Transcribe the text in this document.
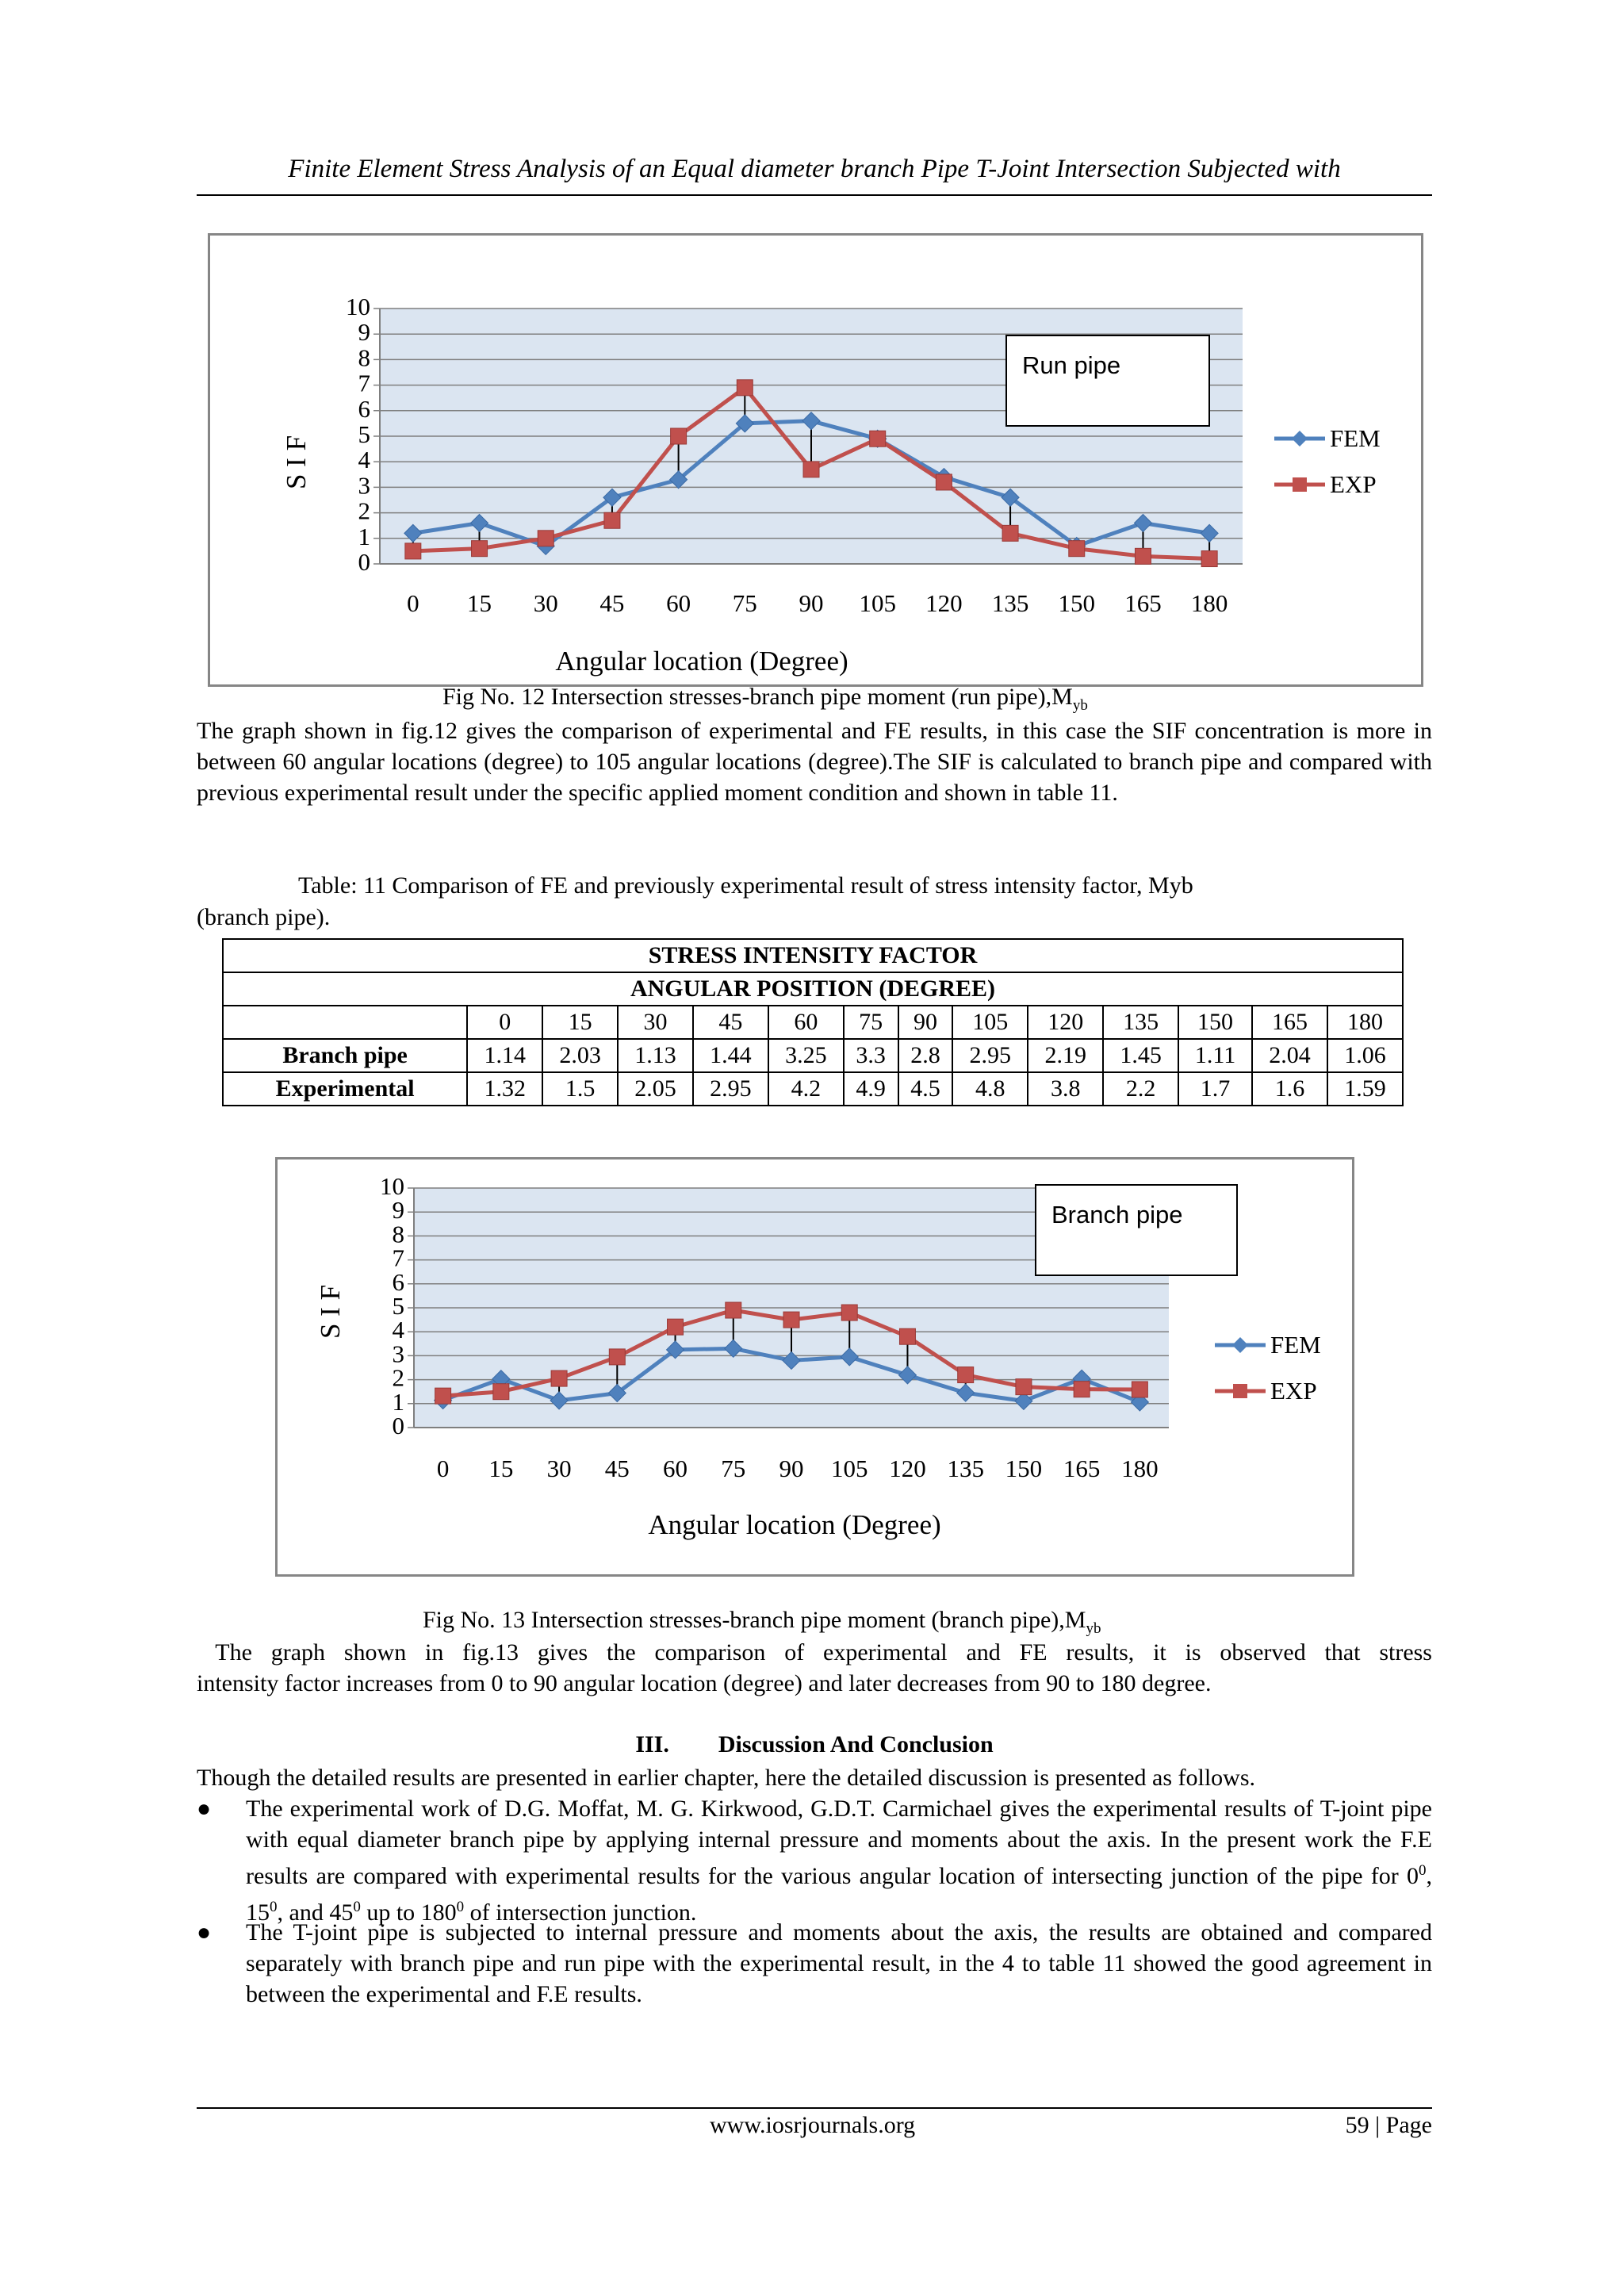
Finite Element Stress Analysis of an Equal diameter branch Pipe T-Joint Intersection Subjected with
0
1
2
3
4
5
6
7
8
9
10
0 15 30 45 60 75 90 105 120 135 150 165 180
Run pipe
FEM
EXP
Angular location (Degree)
S I F
Fig No. 12 Intersection stresses-branch pipe moment (run $pipe),M_{yb}$
The graph shown in fig.12 gives the comparison of experimental and FE results, in this case the SIF concentration is more in between 60 angular locations (degree) to 105 angular locations (degree).The SIF is calculated to branch pipe and compared with previous experimental result under the specific applied moment condition and shown in table 11.
Table: 11 Comparison of FE and previously experimental result of stress intensity factor, Myb
(branch pipe).
STRESS INTENSITY FACTOR													
ANGULAR POSITION (DEGREE)													
	0	15	30	45	60	75	90	105	120	135	150	165	180
Branch pipe	1.14	2.03	1.13	1.44	3.25	3.3	2.8	2.95	2.19	1.45	1.11	2.04	1.06
Experimental	1.32	1.5	2.05	2.95	4.2	4.9	4.5	4.8	3.8	2.2	1.7	1.6	1.59
0
1
2
3
4
5
6
7
8
9
10
0 15 30 45 60 75 90 105 120 135 150 165 180
Branch pipe
FEM
EXP
Angular location (Degree)
S I F
Fig No. 13 Intersection stresses-branch pipe moment (branch $pipe),M_{yb}$
The graph shown in fig.13 gives the comparison of experimental and FE results, it is observed that stress
intensity factor increases from 0 to 90 angular location (degree) and later decreases from 90 to 180 degree.
III. Discussion And Conclusion
Though the detailed results are presented in earlier chapter, here the detailed discussion is presented as follows.
● The experimental work of D.G. Moffat, M. G. Kirkwood, G.D.T. Carmichael gives the experimental results of T-joint pipe with equal diameter branch pipe by applying internal pressure and moments about the axis. In the present work the F.E results are compared with experimental results for the various angular location of intersecting junction of the pipe for $0^0$, $15^0$, and $45^0$ up to $180^0$ of intersection junction.
● The T-joint pipe is subjected to internal pressure and moments about the axis, the results are obtained and compared separately with branch pipe and run pipe with the experimental result, in the 4 to table 11 showed the good agreement in between the experimental and F.E results.
www.iosrjournals.org	59 | Page
